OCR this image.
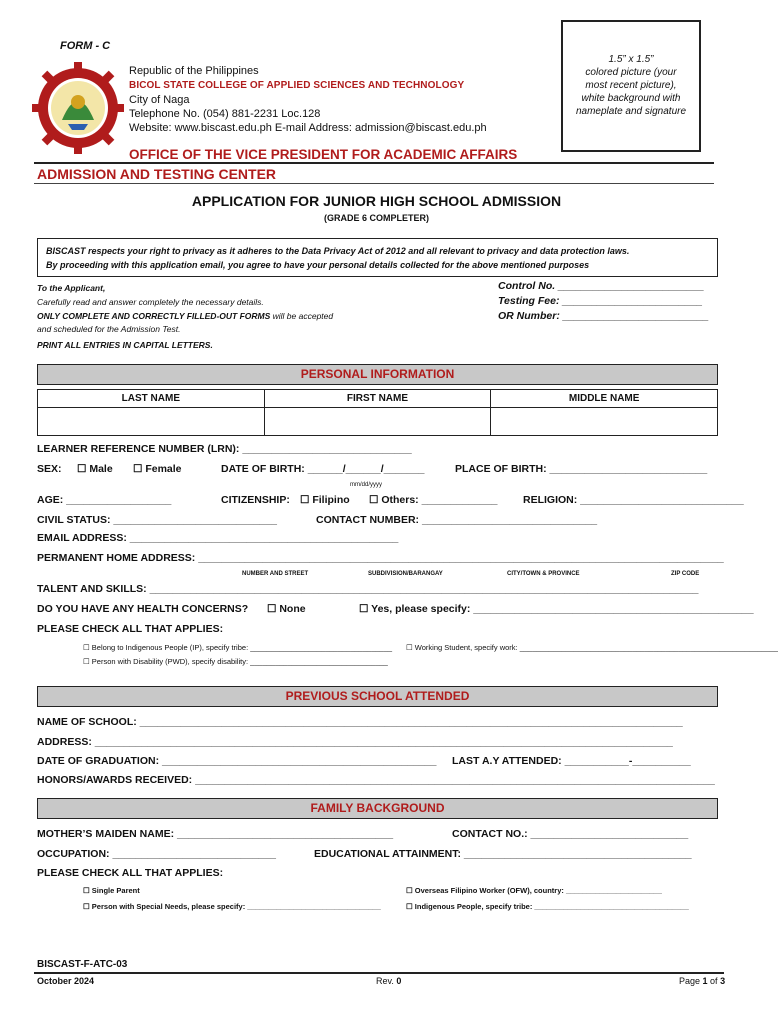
FORM - C
Republic of the Philippines
BICOL STATE COLLEGE OF APPLIED SCIENCES AND TECHNOLOGY
City of Naga
Telephone No. (054) 881-2231 Loc.128
Website: www.biscast.edu.ph E-mail Address: admission@biscast.edu.ph
1.5” x 1.5”
colored picture (your
most recent picture),
white background with
nameplate and signature
OFFICE OF THE VICE PRESIDENT FOR ACADEMIC AFFAIRS
ADMISSION AND TESTING CENTER
APPLICATION FOR JUNIOR HIGH SCHOOL ADMISSION
(GRADE 6 COMPLETER)
BISCAST respects your right to privacy as it adheres to the Data Privacy Act of 2012 and all relevant to privacy and data protection laws.
By proceeding with this application email, you agree to have your personal details collected for the above mentioned purposes
To the Applicant,
Carefully read and answer completely the necessary details.
ONLY COMPLETE AND CORRECTLY FILLED-OUT FORMS will be accepted
and scheduled for the Admission Test.
PRINT ALL ENTRIES IN CAPITAL LETTERS.
Control No. _________________________
Testing Fee: ________________________
OR Number: _________________________
PERSONAL INFORMATION
LAST NAME	FIRST NAME	MIDDLE NAME

LEARNER REFERENCE NUMBER (LRN): _____________________________
SEX: ☐ Male ☐ Female	DATE OF BIRTH: ______/______/_______
mm/dd/yyyy
PLACE OF BIRTH: ___________________________
AGE: __________________	CITIZENSHIP: ☐ Filipino ☐ Others: _____________ RELIGION: ____________________________
CIVIL STATUS: ____________________________	CONTACT NUMBER: ______________________________
EMAIL ADDRESS: ______________________________________________
PERMANENT HOME ADDRESS: __________________________________________________________________________________________
NUMBER AND STREET	SUBDIVISION/BARANGAY	CITY/TOWN & PROVINCE	ZIP CODE
TALENT AND SKILLS: ______________________________________________________________________________________________
DO YOU HAVE ANY HEALTH CONCERNS? ☐ None	☐ Yes, please specify: ________________________________________________
PLEASE CHECK ALL THAT APPLIES:
☐ Belong to Indigenous People (IP), specify tribe: __________________________________ ☐ Working Student, specify work: ______________________________________________________________
☐ Person with Disability (PWD), specify disability: _________________________________
PREVIOUS SCHOOL ATTENDED
NAME OF SCHOOL: _____________________________________________________________________________________________
ADDRESS: ___________________________________________________________________________________________________
DATE OF GRADUATION: _______________________________________________ LAST A.Y ATTENDED: ___________-__________
HONORS/AWARDS RECEIVED: _________________________________________________________________________________________
FAMILY BACKGROUND
MOTHER’S MAIDEN NAME: _____________________________________	CONTACT NO.: ___________________________
OCCUPATION: ____________________________	EDUCATIONAL ATTAINMENT: _______________________________________
PLEASE CHECK ALL THAT APPLIES:
☐ Single Parent	☐ Overseas Filipino Worker (OFW), country: _______________________
☐ Person with Special Needs, please specify: ________________________________	☐ Indigenous People, specify tribe: _____________________________________
BISCAST-F-ATC-03
October 2024	Rev. 0	Page 1 of 3
